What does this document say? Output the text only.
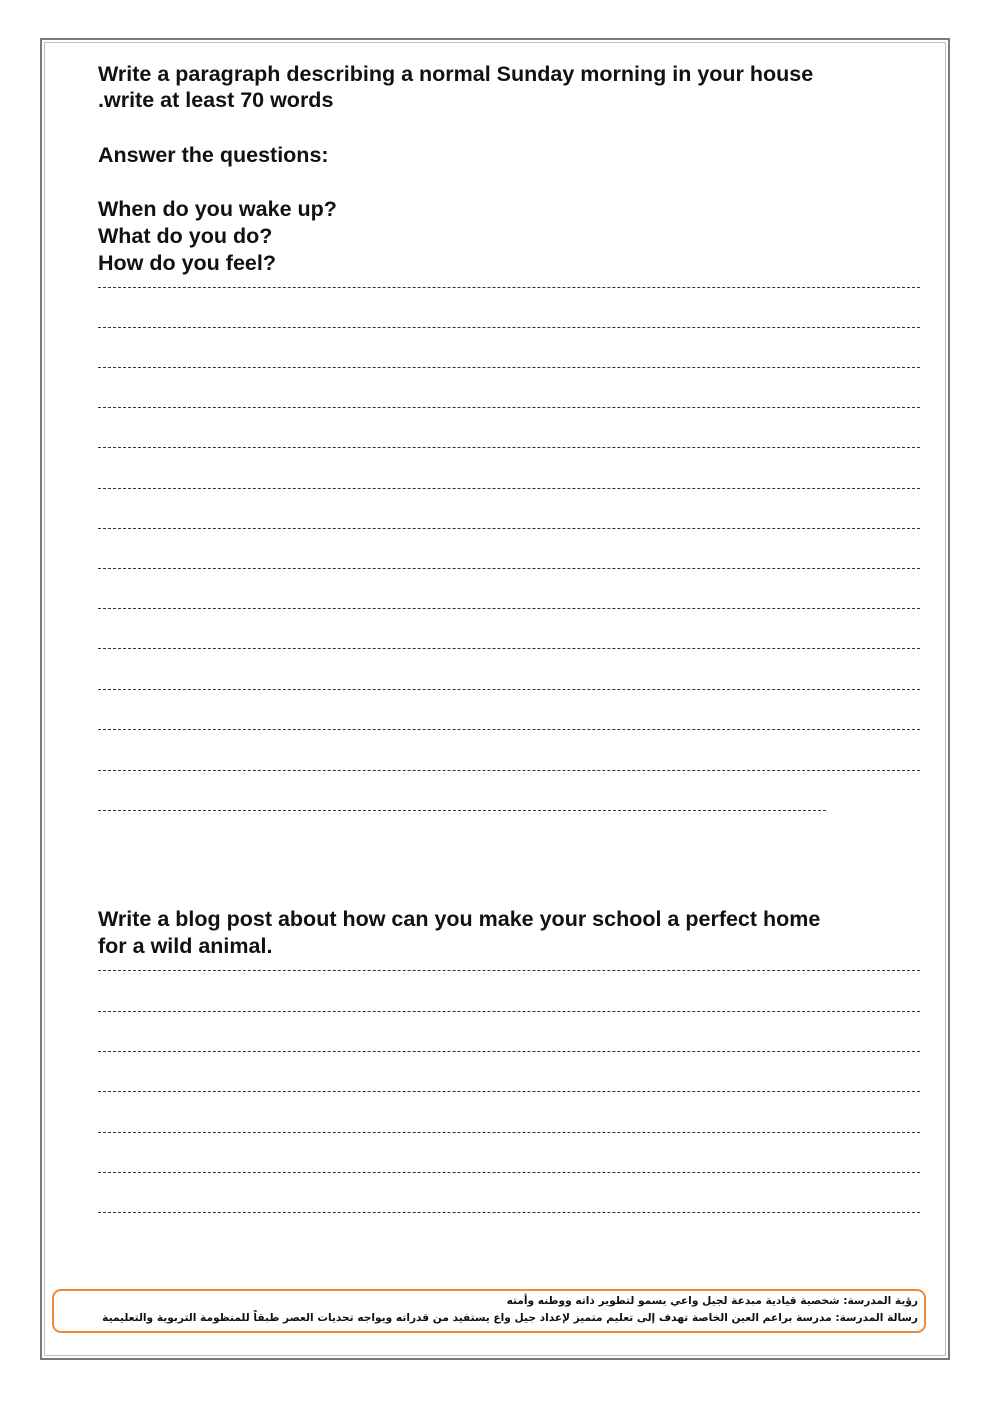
Write a paragraph describing a normal Sunday morning in your house
.write at least 70 words
Answer the questions:
When do you wake up?
What do you do?
How do you feel?
Write a blog post about how can you make your school a perfect home
for a wild animal.
رؤية المدرسة: شخصية قيادية مبدعة لجيل واعي يسمو لتطوير ذاته ووطنه وأمته
رسالة المدرسة: مدرسة براعم العين الخاصة تهدف إلى تعليم متميز لإعداد جيل واع يستفيد من قدراته ويواجه تحديات العصر طبقاً للمنظومة التربوية والتعليمية
